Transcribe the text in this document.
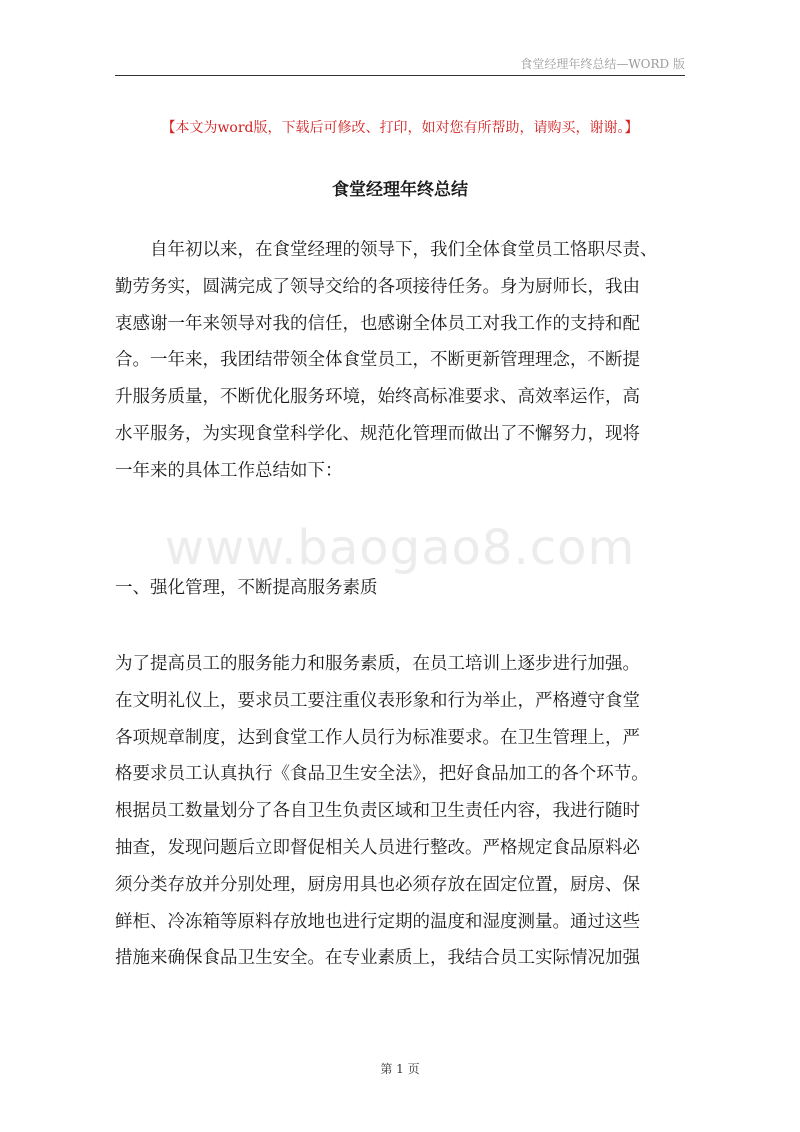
食堂经理年终总结—WORD 版
【本文为word版，下载后可修改、打印，如对您有所帮助，请购买，谢谢。】
食堂经理年终总结

　　自年初以来，在食堂经理的领导下，我们全体食堂员工恪职尽责、

勤劳务实，圆满完成了领导交给的各项接待任务。身为厨师长，我由

衷感谢一年来领导对我的信任，也感谢全体员工对我工作的支持和配

合。一年来，我团结带领全体食堂员工，不断更新管理理念，不断提

升服务质量，不断优化服务环境，始终高标准要求、高效率运作，高

水平服务，为实现食堂科学化、规范化管理而做出了不懈努力，现将

一年来的具体工作总结如下：

www.baogao8.com
一、强化管理，不断提高服务素质

为了提高员工的服务能力和服务素质，在员工培训上逐步进行加强。

在文明礼仪上，要求员工要注重仪表形象和行为举止，严格遵守食堂

各项规章制度，达到食堂工作人员行为标准要求。在卫生管理上，严

格要求员工认真执行《食品卫生安全法》，把好食品加工的各个环节。

根据员工数量划分了各自卫生负责区域和卫生责任内容，我进行随时

抽查，发现问题后立即督促相关人员进行整改。严格规定食品原料必

须分类存放并分别处理，厨房用具也必须存放在固定位置，厨房、保

鲜柜、冷冻箱等原料存放地也进行定期的温度和湿度测量。通过这些

措施来确保食品卫生安全。在专业素质上，我结合员工实际情况加强

第 1 页
